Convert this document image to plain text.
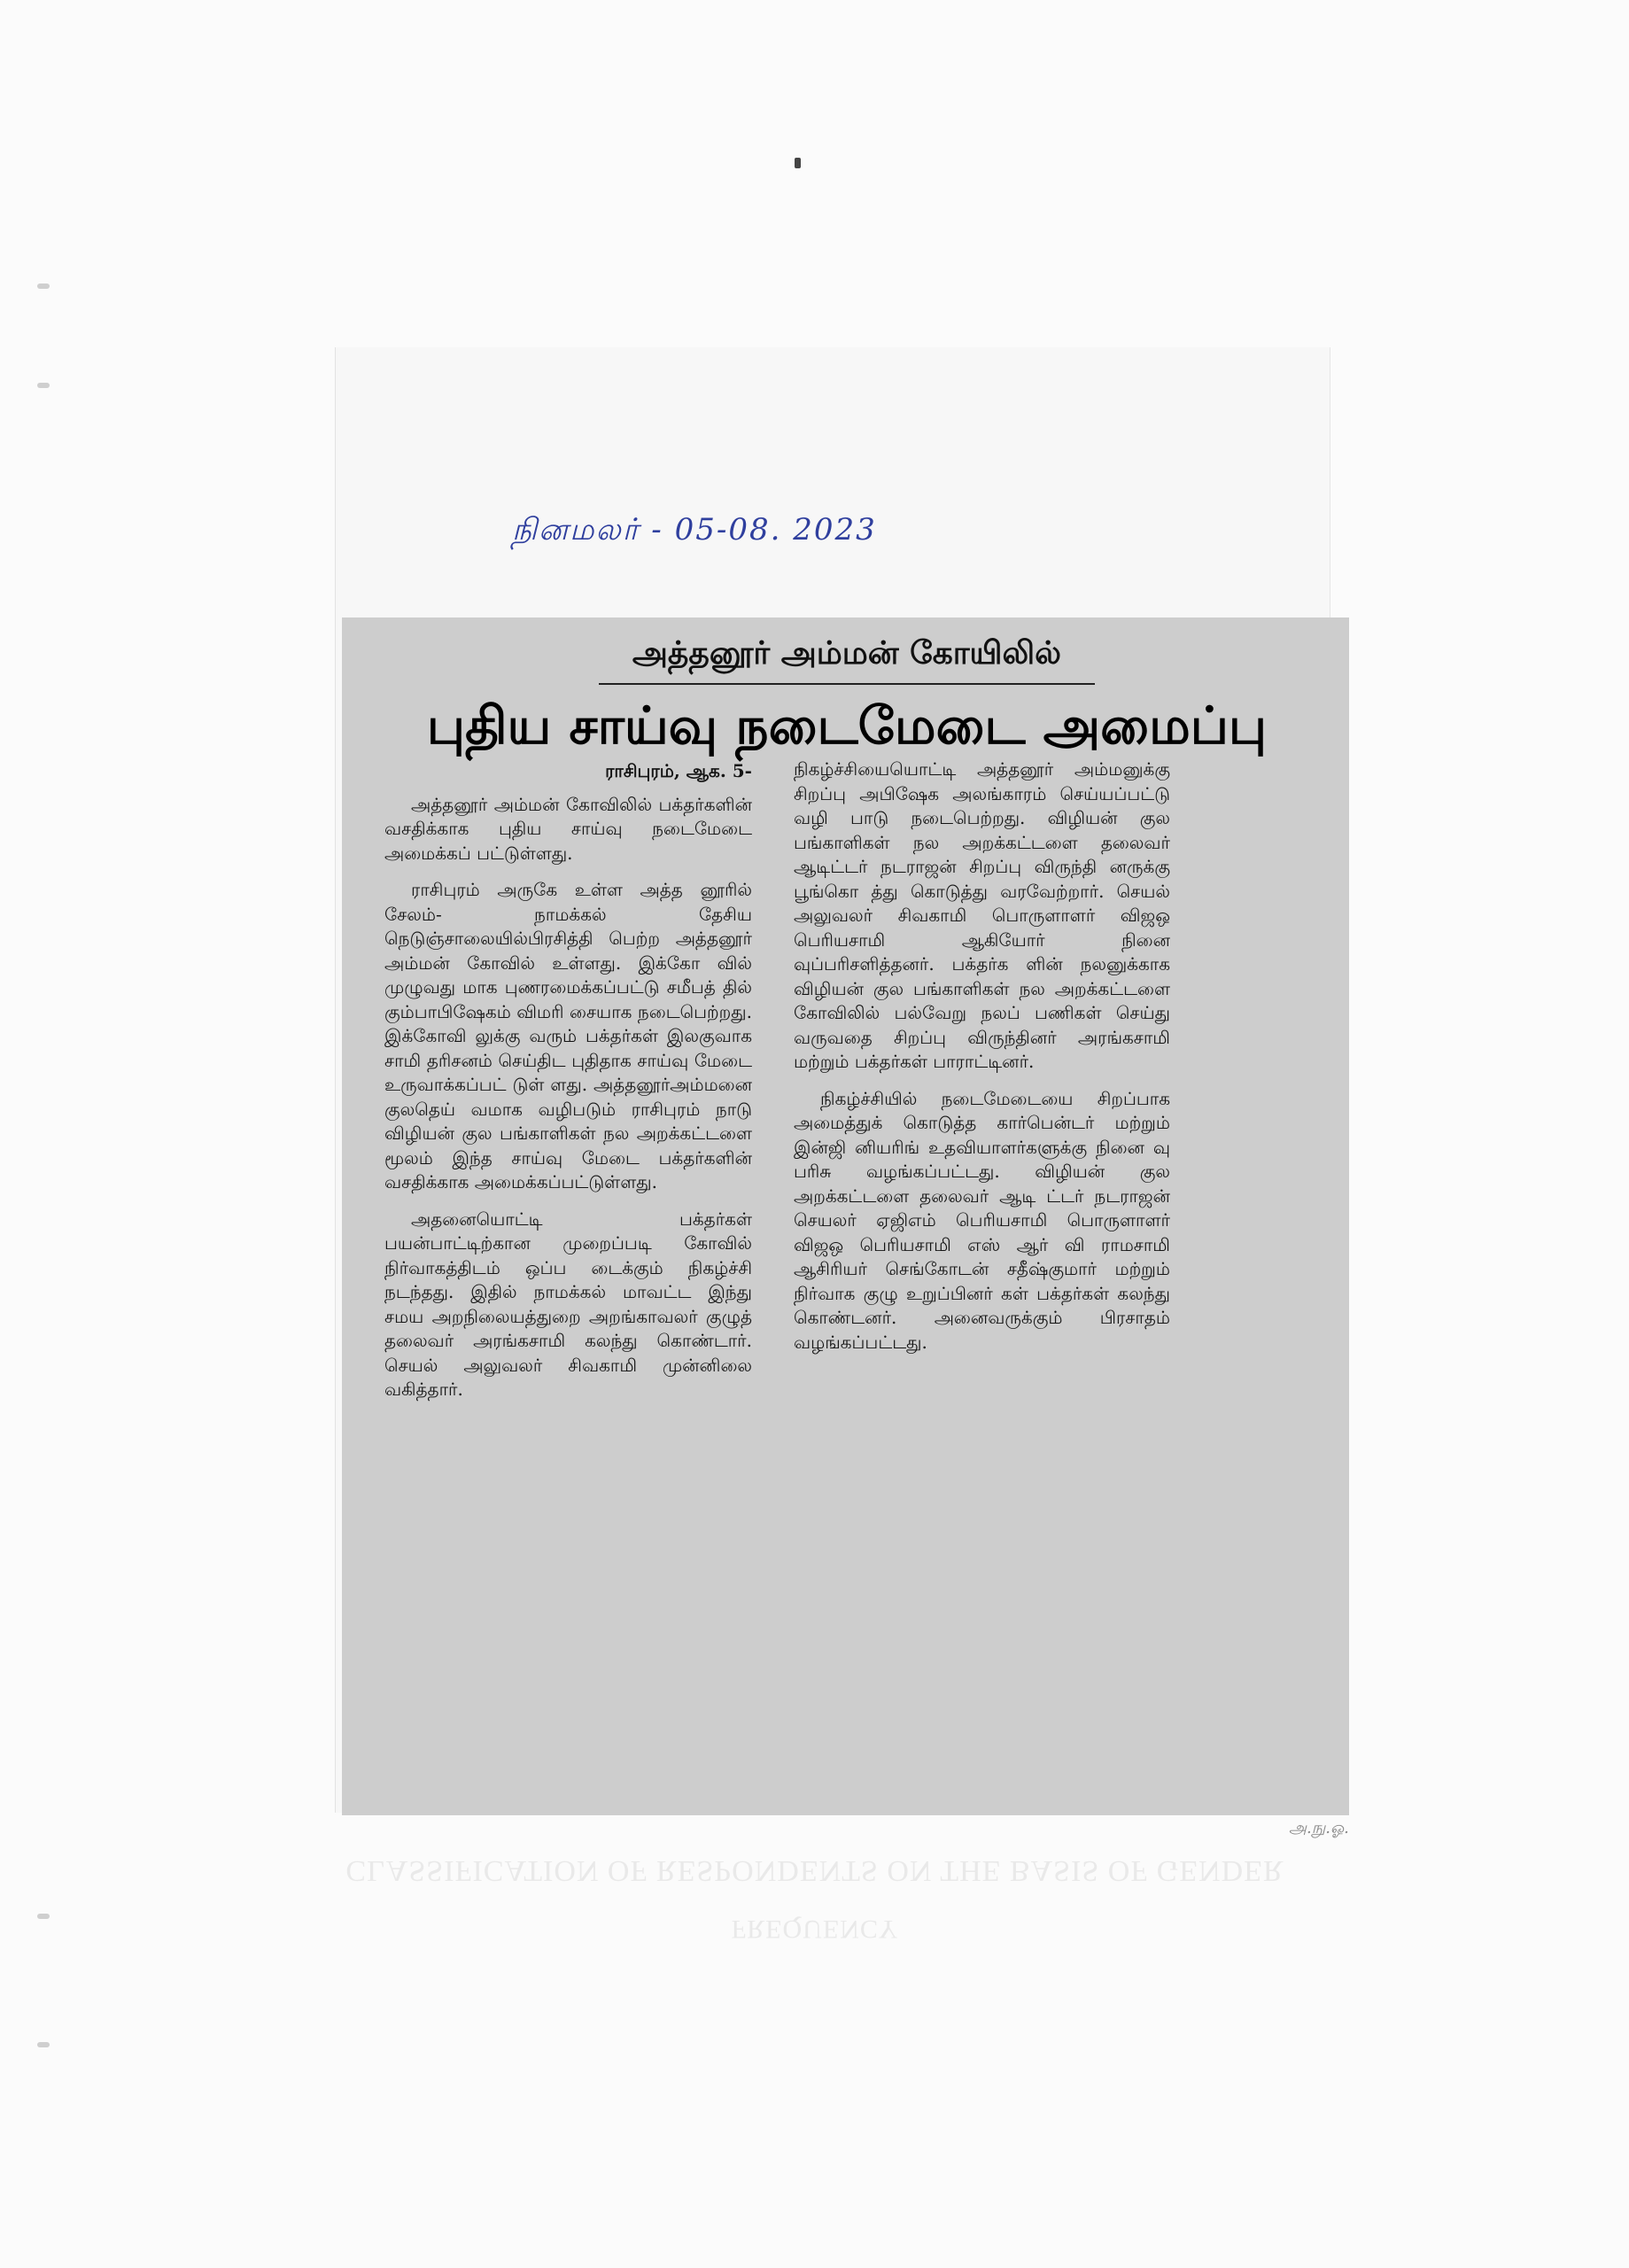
CLASSIFICATION OF RESPONDENTS ON THE BASIS OF GENDER
FREQUENCY
நினமலர் - 05-08. 2023
அத்தனூர் அம்மன் கோயிலில்
புதிய சாய்வு நடைமேடை அமைப்பு
ராசிபுரம், ஆக. 5-

அத்தனூர் அம்மன் கோவிலில் பக்தர்களின் வசதிக்காக புதிய சாய்வு நடைமேடை அமைக்கப் பட்டுள்ளது.

ராசிபுரம் அருகே உள்ள அத்த னூரில் சேலம்- நாமக்கல் தேசிய நெடுஞ்சாலையில்பிரசித்தி பெற்ற அத்தனூர் அம்மன் கோவில் உள்ளது. இக்கோ வில் முழுவது மாக புணரமைக்கப்பட்டு சமீபத் தில் கும்பாபிஷேகம் விமரி சையாக நடைபெற்றது. இக்கோவி லுக்கு வரும் பக்தர்கள் இலகுவாக சாமி தரிசனம் செய்திட புதிதாக சாய்வு மேடை உருவாக்கப்பட் டுள் ளது. அத்தனூர்அம்மனை குலதெய் வமாக வழிபடும் ராசிபுரம் நாடு விழியன் குல பங்காளிகள் நல அறக்கட்டளை மூலம் இந்த சாய்வு மேடை பக்தர்களின் வசதிக்காக அமைக்கப்பட்டுள்ளது.

அதனையொட்டி பக்தர்கள் பயன்பாட்டிற்கான முறைப்படி கோவில் நிர்வாகத்திடம் ஒப்ப டைக்கும் நிகழ்ச்சி நடந்தது. இதில் நாமக்கல் மாவட்ட இந்து சமய அறநிலையத்துறை அறங்காவலர் குழுத் தலைவர் அரங்கசாமி கலந்து கொண்டார். செயல் அலுவலர் சிவகாமி முன்னிலை வகித்தார்.

நிகழ்ச்சியையொட்டி அத்தனூர் அம்மனுக்கு சிறப்பு அபிஷேக அலங்காரம் செய்யப்பட்டு வழி பாடு நடைபெற்றது. விழியன் குல பங்காளிகள் நல அறக்கட்டளை தலைவர் ஆடிட்டர் நடராஜன் சிறப்பு விருந்தி னருக்கு பூங்கொ த்து கொடுத்து வரவேற்றார். செயல் அலுவலர் சிவகாமி பொருளாளர் விஜஒ பெரியசாமி ஆகியோர் நினை வுப்பரிசளித்தனர். பக்தர்க ளின் நலனுக்காக விழியன் குல பங்காளிகள் நல அறக்கட்டளை கோவிலில் பல்வேறு நலப் பணிகள் செய்து வருவதை சிறப்பு விருந்தினர் அரங்கசாமி மற்றும் பக்தர்கள் பாராட்டினர்.

நிகழ்ச்சியில் நடைமேடையை சிறப்பாக அமைத்துக் கொடுத்த கார்பென்டர் மற்றும் இன்ஜி னியரிங் உதவியாளர்களுக்கு நினை வு பரிசு வழங்கப்பட்டது. விழியன் குல அறக்கட்டளை தலைவர் ஆடி ட்டர் நடராஜன் செயலர் ஏஜிஎம் பெரியசாமி பொருளாளர் விஜஒ பெரியசாமி எஸ் ஆர் வி ராமசாமி ஆசிரியர் செங்கோடன் சதீஷ்குமார் மற்றும் நிர்வாக குழு உறுப்பினர் கள் பக்தர்கள் கலந்து கொண்டனர். அனைவருக்கும் பிரசாதம் வழங்கப்பட்டது.

அ.நு.ஓ.
